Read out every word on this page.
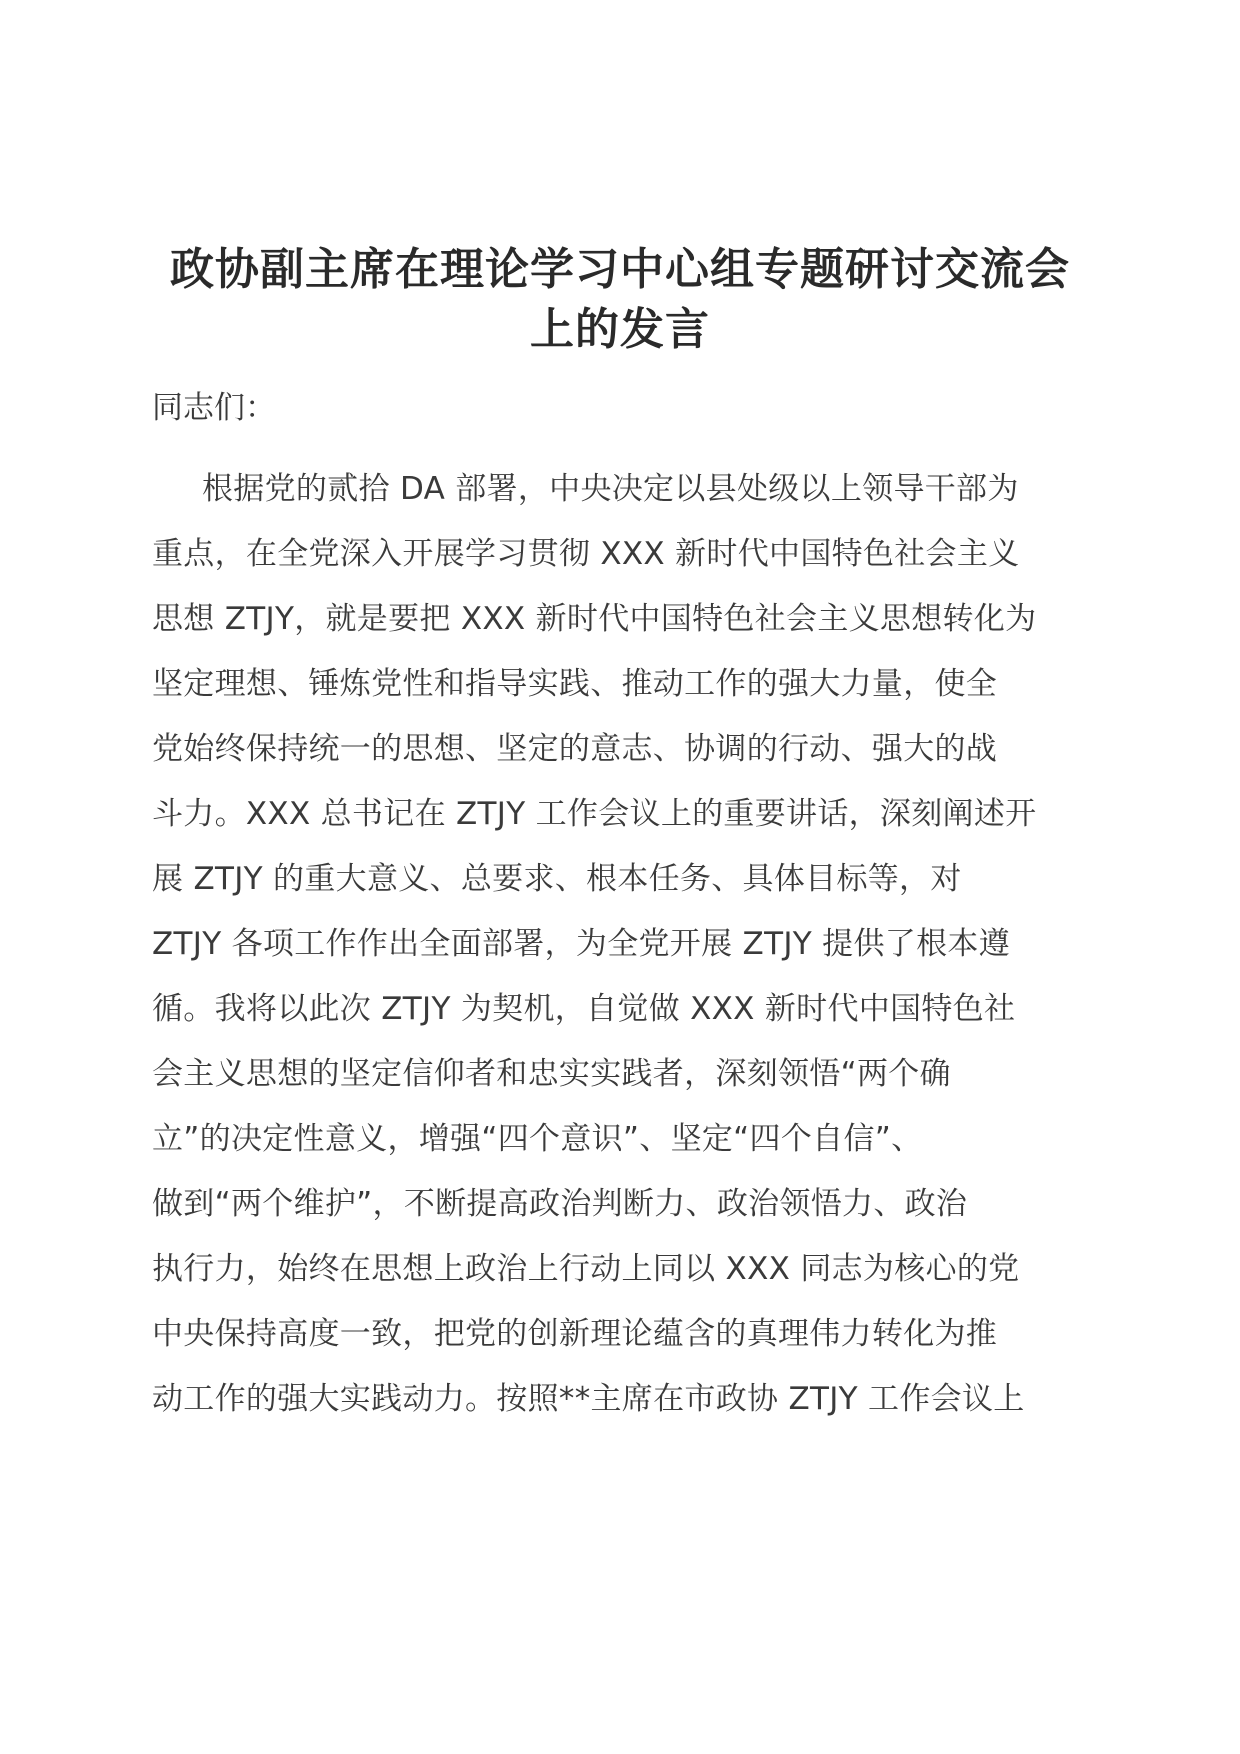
政协副主席在理论学习中心组专题研讨交流会
上的发言
同志们：
根据党的贰拾 DA 部署，中央决定以县处级以上领导干部为
重点，在全党深入开展学习贯彻 XXX 新时代中国特色社会主义
思想 ZTJY，就是要把 XXX 新时代中国特色社会主义思想转化为
坚定理想、锤炼党性和指导实践、推动工作的强大力量，使全
党始终保持统一的思想、坚定的意志、协调的行动、强大的战
斗力。XXX 总书记在 ZTJY 工作会议上的重要讲话，深刻阐述开
展 ZTJY 的重大意义、总要求、根本任务、具体目标等，对
ZTJY 各项工作作出全面部署，为全党开展 ZTJY 提供了根本遵
循。我将以此次 ZTJY 为契机，自觉做 XXX 新时代中国特色社
会主义思想的坚定信仰者和忠实实践者，深刻领悟“两个确
立”的决定性意义，增强“四个意识”、坚定“四个自信”、
做到“两个维护”，不断提高政治判断力、政治领悟力、政治
执行力，始终在思想上政治上行动上同以 XXX 同志为核心的党
中央保持高度一致，把党的创新理论蕴含的真理伟力转化为推
动工作的强大实践动力。按照**主席在市政协 ZTJY 工作会议上
